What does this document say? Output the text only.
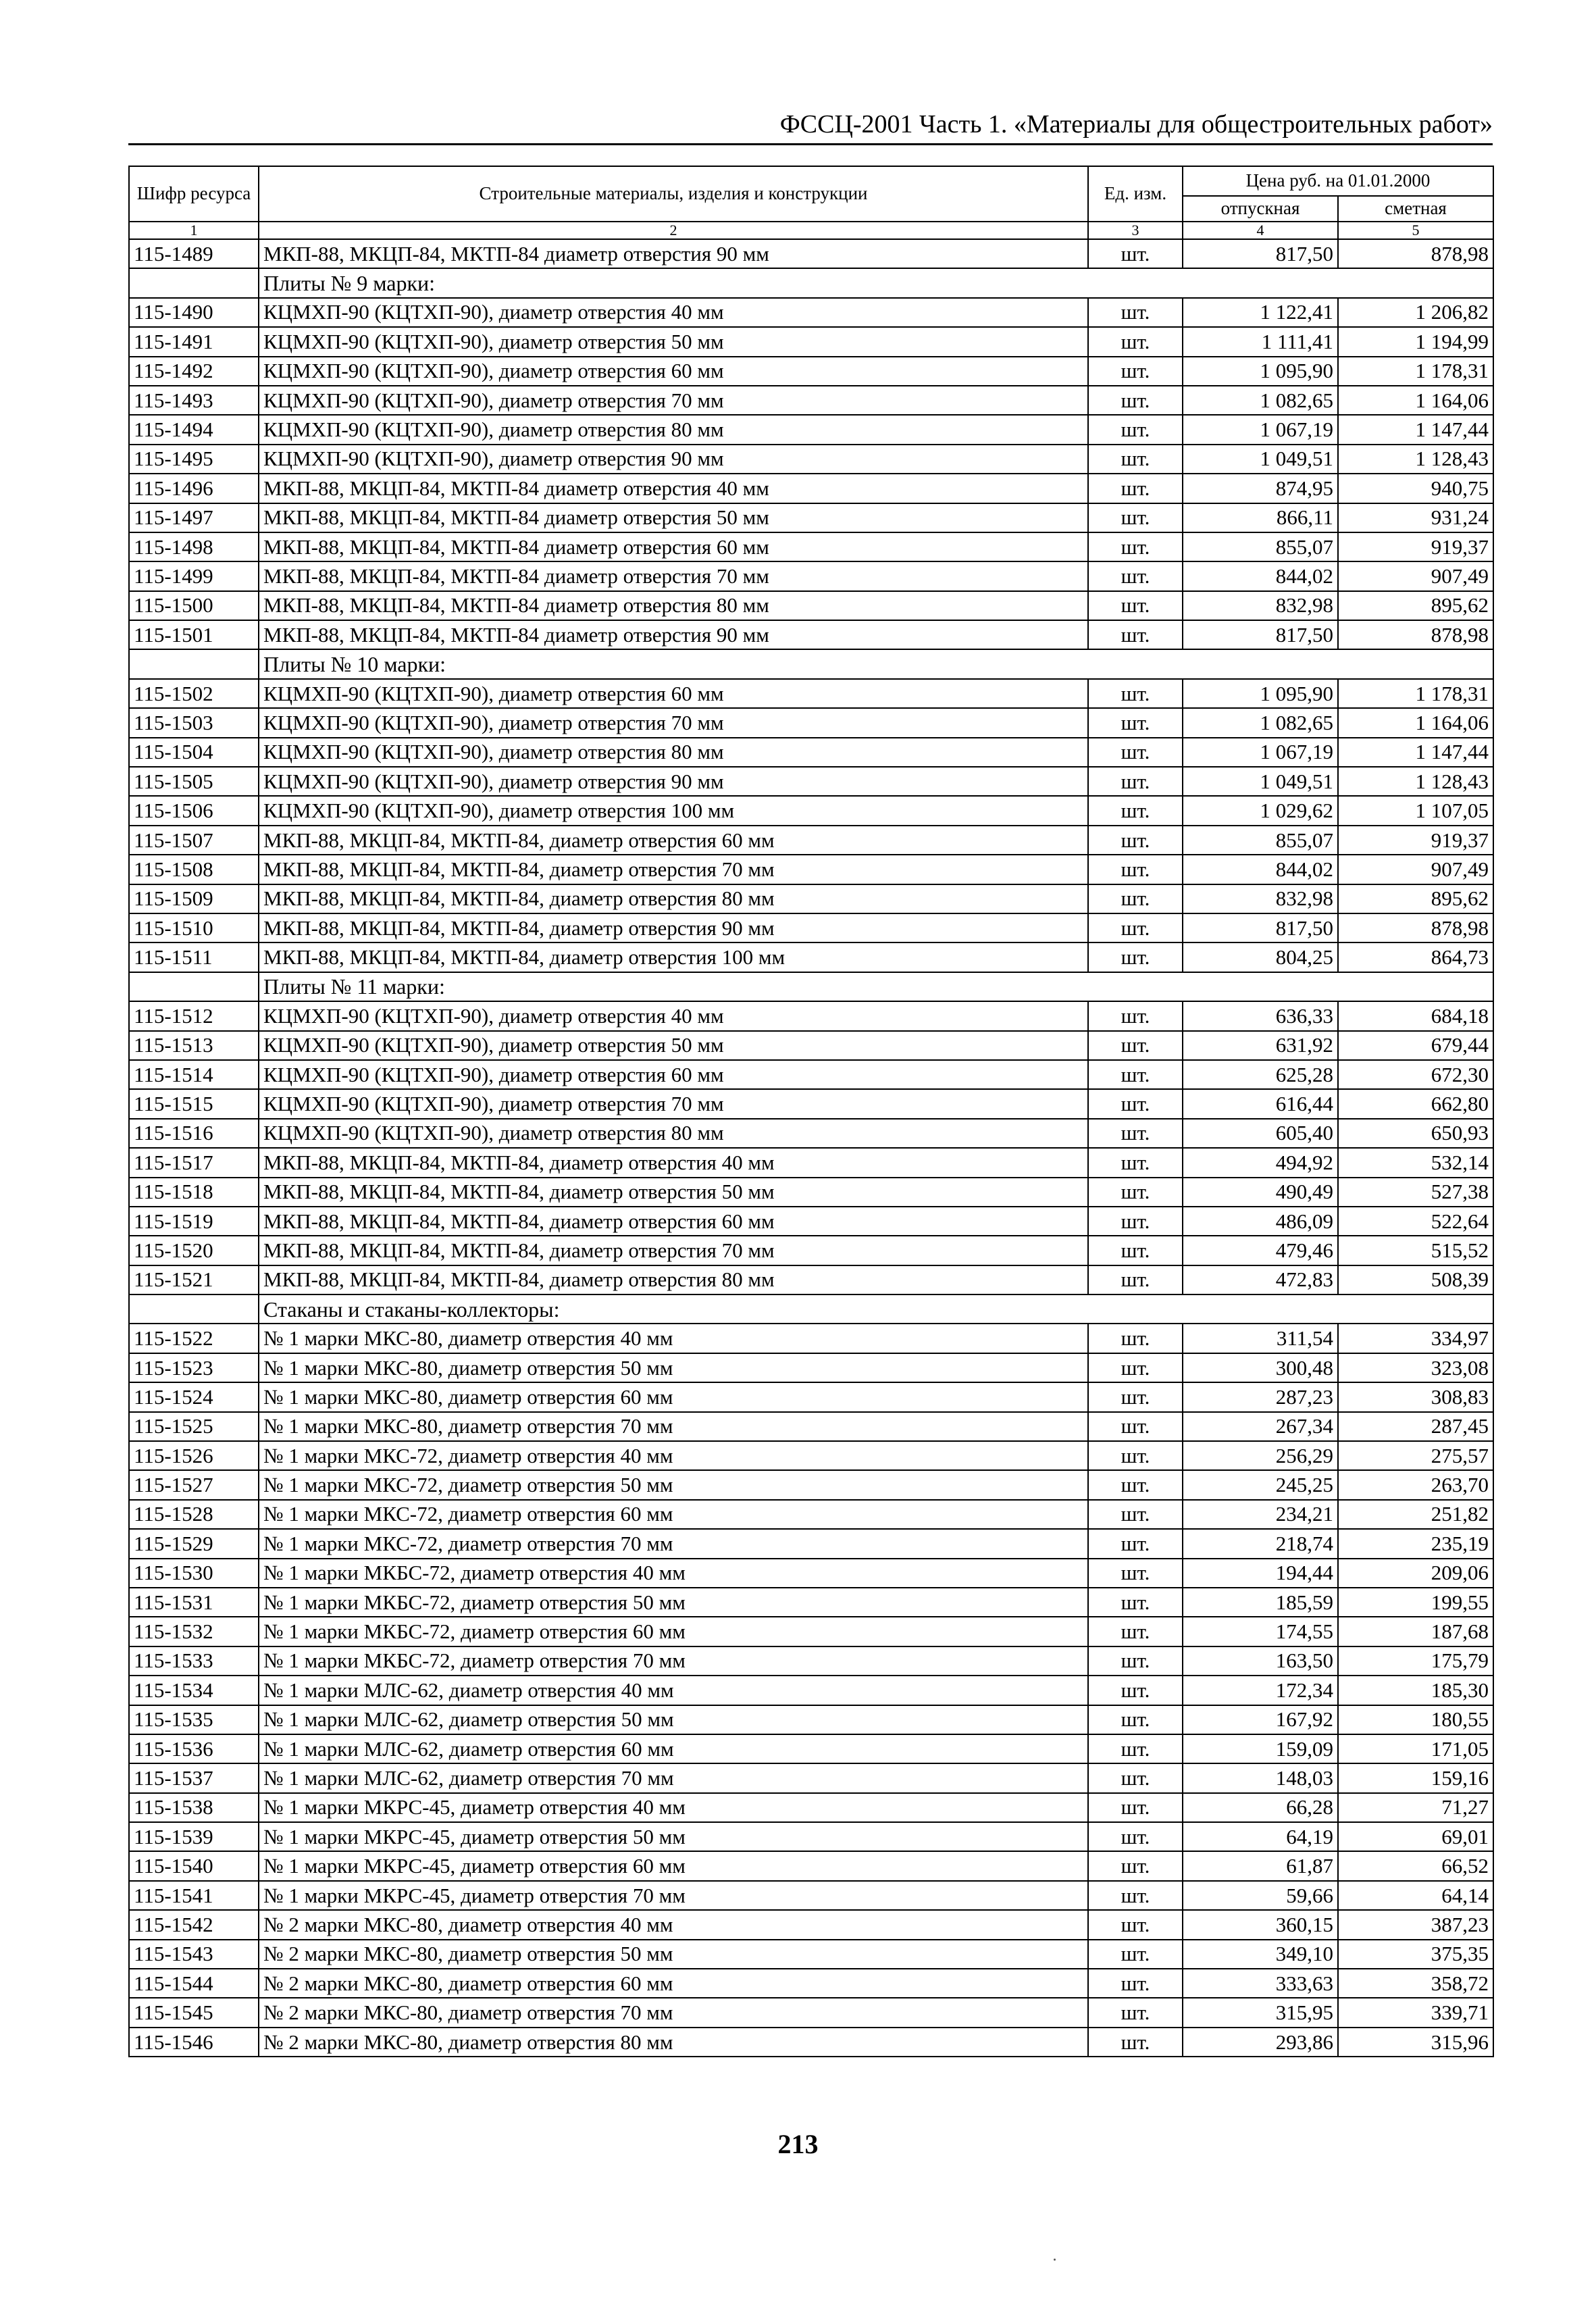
ФССЦ-2001 Часть 1. «Материалы для общестроительных работ»
Шифр ресурса	Строительные материалы, изделия и конструкции	Ед. изм.	Цена руб. на 01.01.2000	
			отпускная	сметная
1	2	3	4	5
115-1489	МКП-88, МКЦП-84, МКТП-84 диаметр отверстия 90 мм	шт.	817,50	878,98
	Плиты № 9 марки:			
115-1490	КЦМХП-90 (КЦТХП-90), диаметр отверстия 40 мм	шт.	1 122,41	1 206,82
115-1491	КЦМХП-90 (КЦТХП-90), диаметр отверстия 50 мм	шт.	1 111,41	1 194,99
115-1492	КЦМХП-90 (КЦТХП-90), диаметр отверстия 60 мм	шт.	1 095,90	1 178,31
115-1493	КЦМХП-90 (КЦТХП-90), диаметр отверстия 70 мм	шт.	1 082,65	1 164,06
115-1494	КЦМХП-90 (КЦТХП-90), диаметр отверстия 80 мм	шт.	1 067,19	1 147,44
115-1495	КЦМХП-90 (КЦТХП-90), диаметр отверстия 90 мм	шт.	1 049,51	1 128,43
115-1496	МКП-88, МКЦП-84, МКТП-84 диаметр отверстия 40 мм	шт.	874,95	940,75
115-1497	МКП-88, МКЦП-84, МКТП-84 диаметр отверстия 50 мм	шт.	866,11	931,24
115-1498	МКП-88, МКЦП-84, МКТП-84 диаметр отверстия 60 мм	шт.	855,07	919,37
115-1499	МКП-88, МКЦП-84, МКТП-84 диаметр отверстия 70 мм	шт.	844,02	907,49
115-1500	МКП-88, МКЦП-84, МКТП-84 диаметр отверстия 80 мм	шт.	832,98	895,62
115-1501	МКП-88, МКЦП-84, МКТП-84 диаметр отверстия 90 мм	шт.	817,50	878,98
	Плиты № 10 марки:			
115-1502	КЦМХП-90 (КЦТХП-90), диаметр отверстия 60 мм	шт.	1 095,90	1 178,31
115-1503	КЦМХП-90 (КЦТХП-90), диаметр отверстия 70 мм	шт.	1 082,65	1 164,06
115-1504	КЦМХП-90 (КЦТХП-90), диаметр отверстия 80 мм	шт.	1 067,19	1 147,44
115-1505	КЦМХП-90 (КЦТХП-90), диаметр отверстия 90 мм	шт.	1 049,51	1 128,43
115-1506	КЦМХП-90 (КЦТХП-90), диаметр отверстия 100 мм	шт.	1 029,62	1 107,05
115-1507	МКП-88, МКЦП-84, МКТП-84, диаметр отверстия 60 мм	шт.	855,07	919,37
115-1508	МКП-88, МКЦП-84, МКТП-84, диаметр отверстия 70 мм	шт.	844,02	907,49
115-1509	МКП-88, МКЦП-84, МКТП-84, диаметр отверстия 80 мм	шт.	832,98	895,62
115-1510	МКП-88, МКЦП-84, МКТП-84, диаметр отверстия 90 мм	шт.	817,50	878,98
115-1511	МКП-88, МКЦП-84, МКТП-84, диаметр отверстия 100 мм	шт.	804,25	864,73
	Плиты № 11 марки:			
115-1512	КЦМХП-90 (КЦТХП-90), диаметр отверстия 40 мм	шт.	636,33	684,18
115-1513	КЦМХП-90 (КЦТХП-90), диаметр отверстия 50 мм	шт.	631,92	679,44
115-1514	КЦМХП-90 (КЦТХП-90), диаметр отверстия 60 мм	шт.	625,28	672,30
115-1515	КЦМХП-90 (КЦТХП-90), диаметр отверстия 70 мм	шт.	616,44	662,80
115-1516	КЦМХП-90 (КЦТХП-90), диаметр отверстия 80 мм	шт.	605,40	650,93
115-1517	МКП-88, МКЦП-84, МКТП-84, диаметр отверстия 40 мм	шт.	494,92	532,14
115-1518	МКП-88, МКЦП-84, МКТП-84, диаметр отверстия 50 мм	шт.	490,49	527,38
115-1519	МКП-88, МКЦП-84, МКТП-84, диаметр отверстия 60 мм	шт.	486,09	522,64
115-1520	МКП-88, МКЦП-84, МКТП-84, диаметр отверстия 70 мм	шт.	479,46	515,52
115-1521	МКП-88, МКЦП-84, МКТП-84, диаметр отверстия 80 мм	шт.	472,83	508,39
	Стаканы и стаканы-коллекторы:			
115-1522	№ 1 марки МКС-80, диаметр отверстия 40 мм	шт.	311,54	334,97
115-1523	№ 1 марки МКС-80, диаметр отверстия 50 мм	шт.	300,48	323,08
115-1524	№ 1 марки МКС-80, диаметр отверстия 60 мм	шт.	287,23	308,83
115-1525	№ 1 марки МКС-80, диаметр отверстия 70 мм	шт.	267,34	287,45
115-1526	№ 1 марки МКС-72, диаметр отверстия 40 мм	шт.	256,29	275,57
115-1527	№ 1 марки МКС-72, диаметр отверстия 50 мм	шт.	245,25	263,70
115-1528	№ 1 марки МКС-72, диаметр отверстия 60 мм	шт.	234,21	251,82
115-1529	№ 1 марки МКС-72, диаметр отверстия 70 мм	шт.	218,74	235,19
115-1530	№ 1 марки МКБС-72, диаметр отверстия 40 мм	шт.	194,44	209,06
115-1531	№ 1 марки МКБС-72, диаметр отверстия 50 мм	шт.	185,59	199,55
115-1532	№ 1 марки МКБС-72, диаметр отверстия 60 мм	шт.	174,55	187,68
115-1533	№ 1 марки МКБС-72, диаметр отверстия 70 мм	шт.	163,50	175,79
115-1534	№ 1 марки МЛС-62, диаметр отверстия 40 мм	шт.	172,34	185,30
115-1535	№ 1 марки МЛС-62, диаметр отверстия 50 мм	шт.	167,92	180,55
115-1536	№ 1 марки МЛС-62, диаметр отверстия 60 мм	шт.	159,09	171,05
115-1537	№ 1 марки МЛС-62, диаметр отверстия 70 мм	шт.	148,03	159,16
115-1538	№ 1 марки МКРС-45, диаметр отверстия 40 мм	шт.	66,28	71,27
115-1539	№ 1 марки МКРС-45, диаметр отверстия 50 мм	шт.	64,19	69,01
115-1540	№ 1 марки МКРС-45, диаметр отверстия 60 мм	шт.	61,87	66,52
115-1541	№ 1 марки МКРС-45, диаметр отверстия 70 мм	шт.	59,66	64,14
115-1542	№ 2 марки МКС-80, диаметр отверстия 40 мм	шт.	360,15	387,23
115-1543	№ 2 марки МКС-80, диаметр отверстия 50 мм	шт.	349,10	375,35
115-1544	№ 2 марки МКС-80, диаметр отверстия 60 мм	шт.	333,63	358,72
115-1545	№ 2 марки МКС-80, диаметр отверстия 70 мм	шт.	315,95	339,71
115-1546	№ 2 марки МКС-80, диаметр отверстия 80 мм	шт.	293,86	315,96
213
